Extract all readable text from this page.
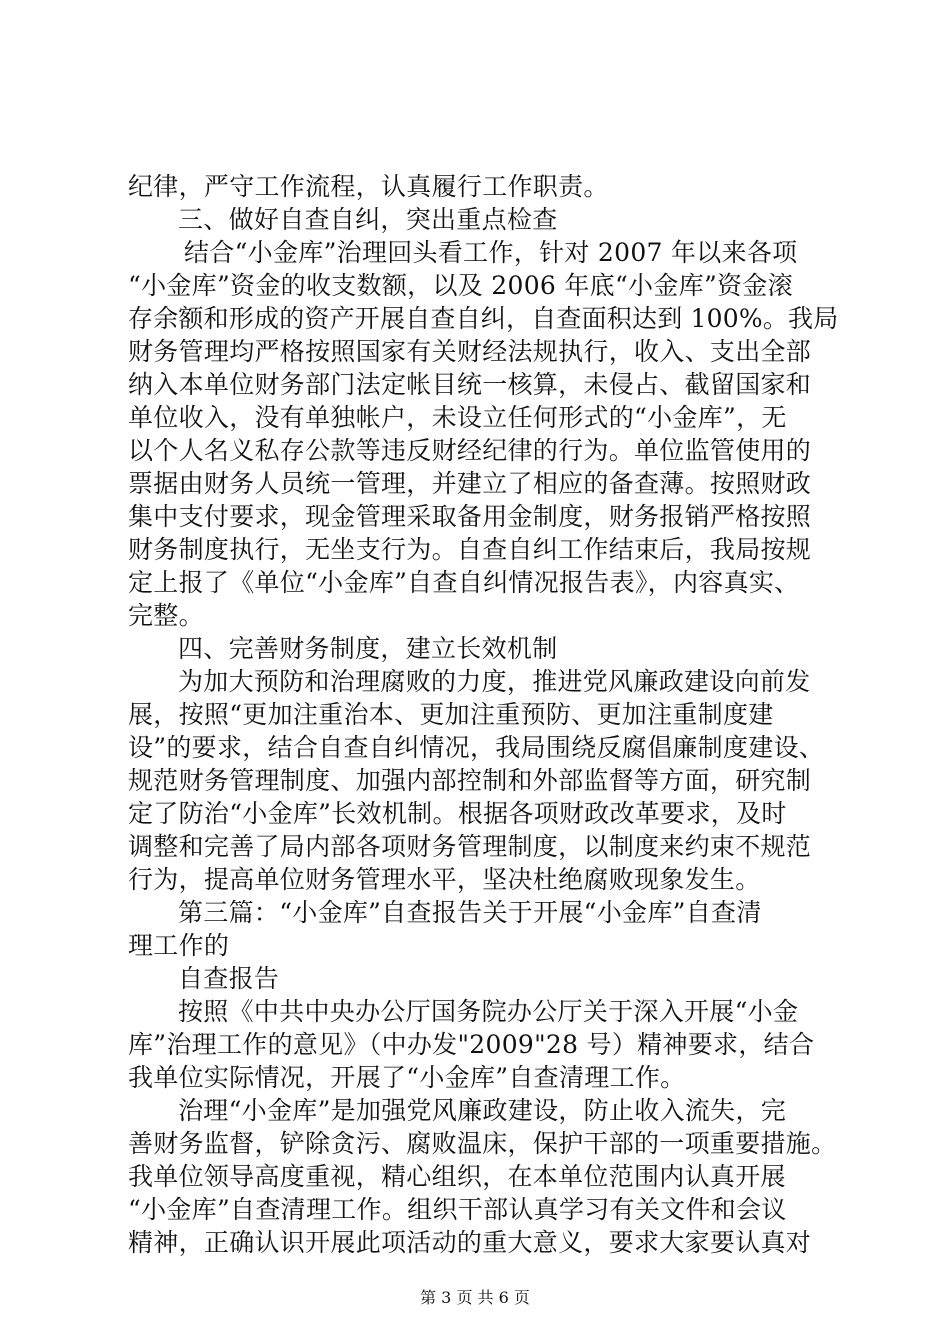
纪律，严守工作流程，认真履行工作职责。
三、做好自查自纠，突出重点检查
结合“小金库”治理回头看工作，针对 2007 年以来各项
“小金库”资金的收支数额，以及 2006 年底“小金库”资金滚
存余额和形成的资产开展自查自纠，自查面积达到 100%。我局
财务管理均严格按照国家有关财经法规执行，收入、支出全部
纳入本单位财务部门法定帐目统一核算，未侵占、截留国家和
单位收入，没有单独帐户，未设立任何形式的“小金库”，无
以个人名义私存公款等违反财经纪律的行为。单位监管使用的
票据由财务人员统一管理，并建立了相应的备查薄。按照财政
集中支付要求，现金管理采取备用金制度，财务报销严格按照
财务制度执行，无坐支行为。自查自纠工作结束后，我局按规
定上报了《单位“小金库”自查自纠情况报告表》，内容真实、
完整。
四、完善财务制度，建立长效机制
为加大预防和治理腐败的力度，推进党风廉政建设向前发
展，按照“更加注重治本、更加注重预防、更加注重制度建
设”的要求，结合自查自纠情况，我局围绕反腐倡廉制度建设、
规范财务管理制度、加强内部控制和外部监督等方面，研究制
定了防治“小金库”长效机制。根据各项财政改革要求，及时
调整和完善了局内部各项财务管理制度，以制度来约束不规范
行为，提高单位财务管理水平，坚决杜绝腐败现象发生。
第三篇：“小金库”自查报告关于开展“小金库”自查清
理工作的
自查报告
按照《中共中央办公厅国务院办公厅关于深入开展“小金
库”治理工作的意见》（中办发"2009"28 号）精神要求，结合
我单位实际情况，开展了“小金库”自查清理工作。
治理“小金库”是加强党风廉政建设，防止收入流失，完
善财务监督，铲除贪污、腐败温床，保护干部的一项重要措施。
我单位领导高度重视，精心组织，在本单位范围内认真开展
“小金库”自查清理工作。组织干部认真学习有关文件和会议
精神，正确认识开展此项活动的重大意义，要求大家要认真对
第 3 页 共 6 页
